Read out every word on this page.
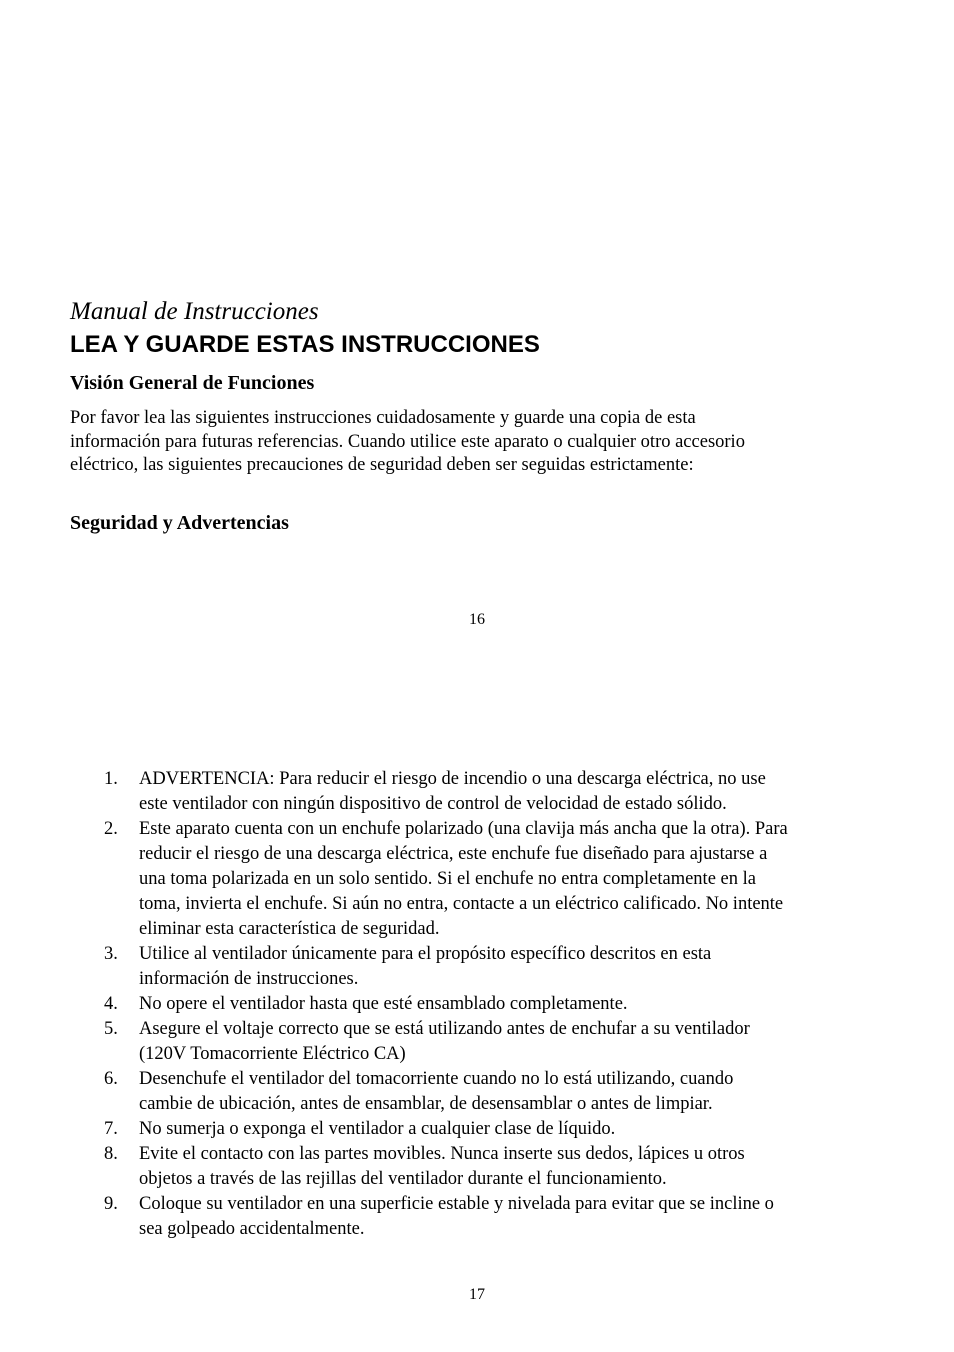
Manual de Instrucciones
LEA Y GUARDE ESTAS INSTRUCCIONES
Visión General de Funciones

Por favor lea las siguientes instrucciones cuidadosamente y guarde una copia de esta
información para futuras referencias. Cuando utilice este aparato o cualquier otro accesorio
eléctrico, las siguientes precauciones de seguridad deben ser seguidas estrictamente:

Seguridad y Advertencias
16
1. ADVERTENCIA: Para reducir el riesgo de incendio o una descarga eléctrica, no use
este ventilador con ningún dispositivo de control de velocidad de estado sólido.
2. Este aparato cuenta con un enchufe polarizado (una clavija más ancha que la otra). Para
reducir el riesgo de una descarga eléctrica, este enchufe fue diseñado para ajustarse a
una toma polarizada en un solo sentido. Si el enchufe no entra completamente en la
toma, invierta el enchufe. Si aún no entra, contacte a un eléctrico calificado. No intente
eliminar esta característica de seguridad.
3. Utilice al ventilador únicamente para el propósito específico descritos en esta
información de instrucciones.
4. No opere el ventilador hasta que esté ensamblado completamente.
5. Asegure el voltaje correcto que se está utilizando antes de enchufar a su ventilador
(120V Tomacorriente Eléctrico CA)
6. Desenchufe el ventilador del tomacorriente cuando no lo está utilizando, cuando
cambie de ubicación, antes de ensamblar, de desensamblar o antes de limpiar.
7. No sumerja o exponga el ventilador a cualquier clase de líquido.
8. Evite el contacto con las partes movibles. Nunca inserte sus dedos, lápices u otros
objetos a través de las rejillas del ventilador durante el funcionamiento.
9. Coloque su ventilador en una superficie estable y nivelada para evitar que se incline o
sea golpeado accidentalmente.
17
